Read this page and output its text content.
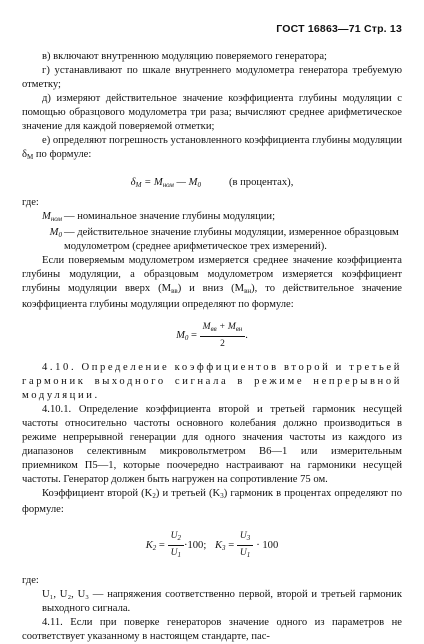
ГОСТ 16863—71 Стр. 13

в) включают внутреннюю модуляцию поверяемого генератора;

г) устанавливают по шкале внутреннего модулометра генератора требуемую отметку;

д) измеряют действительное значение коэффициента глубины модуляции с помощью образцового модулометра три раза; вычисляют среднее арифметическое значение для каждой поверяемой отметки;

е) определяют погрешность установленного коэффициента глубины модуляции $\delta_М$ по формуле:

$\delta_М = M_{ном}$ — $M_0$	(в процентах),

где:

$M_{ном}$ — номинальное значение глубины модуляции;
$M_0$ — действительное значение глубины модуляции, измеренное образцовым модулометром (среднее арифметическое трех измерений).

Если поверяемым модулометром измеряется среднее значение коэффициента глубины модуляции, а образцовым модулометром измеряется коэффициент глубины модуляции вверх $(M_{вв})$ и вниз $(M_{вн})$, то действительное значение коэффициента глубины модуляции определяют по формуле:

$M_0 = \frac{M_{вв} + M_{вн}}{2}$ .

4.10. Определение коэффициентов второй и третьей гармоник выходного сигнала в режиме непрерывной модуляции.

4.10.1. Определение коэффициента второй и третьей гармоник несущей частоты относительно частоты основного колебания должно производиться в режиме непрерывной генерации для одного значения частоты из каждого из диапазонов селективным микровольтметром В6—1 или измерительным приемником П5—1, которые поочередно настраивают на гармоники несущей частоты. Генератор должен быть нагружен на сопротивление 75 ом.

Коэффициент второй $(K_2)$ и третьей $(K_3)$ гармоник в процентах определяют по формуле:

$K_2 = \frac{U_2}{U_1} \cdot 100$; $K_3 = \frac{U_3}{U_1} \cdot 100$

где:

U₁, U₂, U₃ — напряжения соответственно первой, второй и третьей гармоник выходного сигнала.

4.11. Если при поверке генераторов значение одного из параметров не соответствует указанному в настоящем стандарте, пас-
